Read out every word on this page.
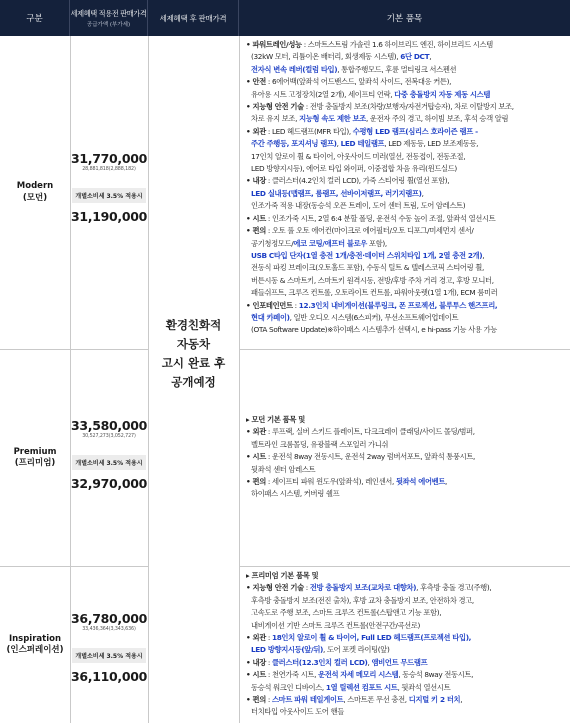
구분
세제혜택 적용전 판매가격
공급가액 (부가세)
세제혜택 후 판매가격	기본 품목
Modern
(모던)
Premium
(프리미엄)
Inspiration
(인스퍼레이션)
31,770,000
28,881,818(2,888,182)
개별소비세 3.5% 적용시
31,190,000
33,580,000
30,527,273(3,052,727)
개별소비세 3.5% 적용시
32,970,000
36,780,000
33,436,364(3,343,636)
개별소비세 3.5% 적용시
36,110,000
환경친화적
자동차
고시 완료 후
공개예정

• 파워트레인/성능 : 스마트스트림 가솔린 1.6 하이브리드 엔진, 하이브리드 시스템

(32kW 모터, 리튬이온 배터리, 회생제동 시스템), 6단 DCT,

전자식 변속 레버(컬럼 타입), 통합주행모드, 후륜 멀티링크 서스펜션

• 안전 : 6에어백(앞좌석 어드밴스드, 앞좌석 사이드, 전복대응 커튼),

유아용 시트 고정장치(2열 2개), 세이프티 언락, 다중 충돌방지 자동 제동 시스템

• 지능형 안전 기술 : 전방 충돌방지 보조(차량/보행자/자전거탑승자), 차로 이탈방지 보조,

차로 유지 보조, 지능형 속도 제한 보조, 운전자 주의 경고, 하이빔 보조, 후석 승객 알림

• 외관 : LED 헤드램프(MFR 타입), 수평형 LED 램프(심리스 호라이즌 램프 -

주간 주행등, 포지셔닝 램프), LED 테일램프, LED 제동등, LED 보조제동등,

17인치 알로이 휠 & 타이어, 아웃사이드 미러(열선, 전동접이, 전동조절,

LED 방향지시등), 에어로 타입 와이퍼, 이중접합 차음 유리(윈드실드)

• 내장 : 클러스터(4.2인치 컬러 LCD), 가죽 스티어링 휠(열선 포함),

LED 실내등(맵램프, 룸램프, 선바이저램프, 러기지램프),

인조가죽 적용 내장(동승석 오픈 트레이, 도어 센터 트림, 도어 암레스트)

• 시트 : 인조가죽 시트, 2열 6:4 분할 폴딩, 운전석 수동 높이 조절, 앞좌석 열선시트

• 편의 : 오토 풀 오토 에어컨(마이크로 에어필터/오토 디포그/미세먼지 센서/

공기청정모드/에코 코팅/애프터 블로우 포함),

USB C타입 단자(1열 충전 1개/충전·데이터 스위치타입 1개, 2열 충전 2개),

전동식 파킹 브레이크(오토홀드 포함), 수동식 틸트 & 텔레스코픽 스티어링 휠,

버튼시동 & 스마트키, 스마트키 원격시동, 전방/후방 주차 거리 경고, 후방 모니터,

패들쉬프트, 크루즈 컨트롤, 오토라이트 컨트롤, 파워아웃렛(1열 1개), ECM 룸미러

• 인포테인먼트 : 12.3인치 내비게이션(블루링크, 폰 프로젝션, 블루투스 핸즈프리,

현대 카페이), 일반 오디오 시스템(6스피커), 무선소프트웨어업데이트

(OTA Software Update)※하이패스 시스템추가 선택시, e hi-pass 기능 사용 가능

▸ 모던 기본 품목 및

• 외관 : 루프랙, 실버 스키드 플레이트, 다크크레이 클래딩/사이드 몰딩/범퍼,

벨트라인 크롬몰딩, 유광블랙 스포일러 가니쉬

• 시트 : 운전석 8way 전동시트, 운전석 2way 럼버서포트, 앞좌석 통풍시트,

뒷좌석 센터 암레스트

• 편의 : 세이프티 파워 윈도우(앞좌석), 레인센서, 뒷좌석 에어벤트,

하이패스 시스템, 커버링 쉘프

▸ 프리미엄 기본 품목 및

• 지능형 안전 기술 : 전방 충돌방지 보조(교차로 대향차), 후측방 충돌 경고(주행),

후측방 충돌방지 보조(전진 출차), 후방 교차 충돌방지 보조, 안전하차 경고,

고속도로 주행 보조, 스마트 크루즈 컨트롤(스탑앤고 기능 포함),

내비게이션 기반 스마트 크루즈 컨트롤(안전구간/곡선로)

• 외관 : 18인치 알로이 휠 & 타이어, Full LED 헤드램프(프로젝션 타입),

LED 방향지시등(앞/뒤), 도어 포켓 라이팅(앞)

• 내장 : 클러스터(12.3인치 컬러 LCD), 앰비언트 무드램프

• 시트 : 천연가죽 시트, 운전석 자세 메모리 시스템, 동승석 8way 전동시트,

동승석 워크인 디바이스, 1열 릴렉션 컴포트 시트, 뒷좌석 열선시트

• 편의 : 스마트 파워 테일게이트, 스마트폰 무선 충전, 디지털 키 2 터치,

터치타입 아웃사이드 도어 핸들
